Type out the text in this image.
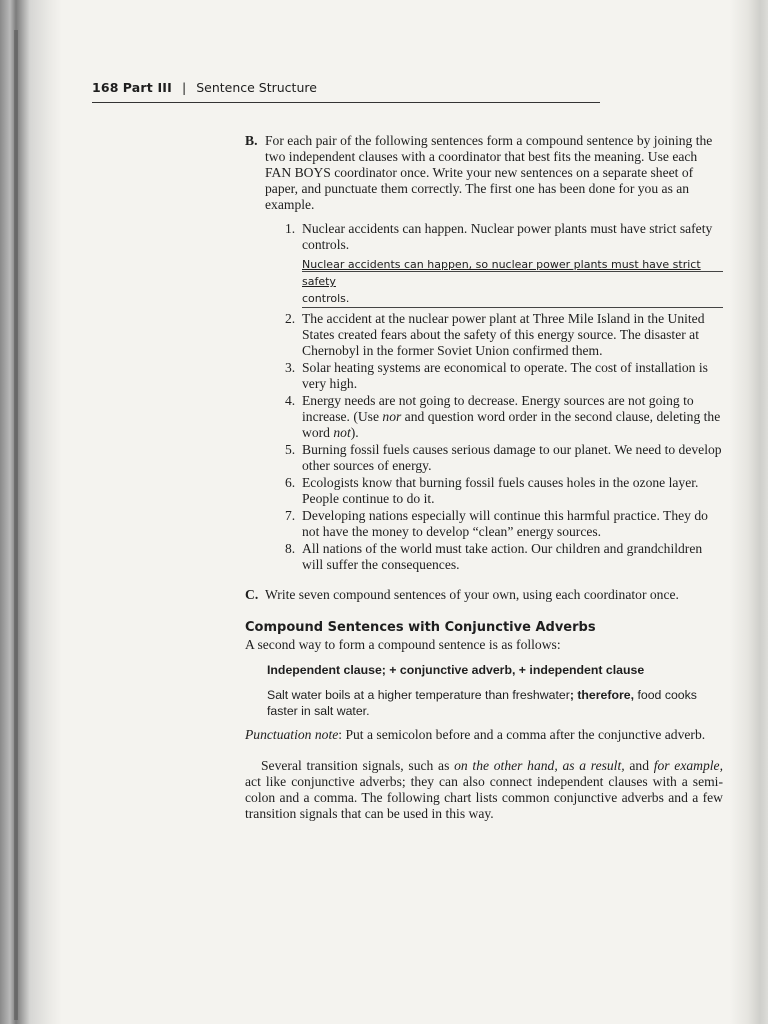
168 Part III | Sentence Structure
B. For each pair of the following sentences form a compound sentence by joining the two independent clauses with a coordinator that best fits the meaning. Use each FAN BOYS coordinator once. Write your new sentences on a separate sheet of paper, and punctuate them correctly. The first one has been done for you as an example.
1. Nuclear accidents can happen. Nuclear power plants must have strict safety controls.
Nuclear accidents can happen, so nuclear power plants must have strict safety
controls.
2. The accident at the nuclear power plant at Three Mile Island in the United States created fears about the safety of this energy source. The disaster at Chernobyl in the former Soviet Union confirmed them.
3. Solar heating systems are economical to operate. The cost of installation is very high.
4. Energy needs are not going to decrease. Energy sources are not going to increase. (Use nor and question word order in the second clause, deleting the word not).
5. Burning fossil fuels causes serious damage to our planet. We need to develop other sources of energy.
6. Ecologists know that burning fossil fuels causes holes in the ozone layer. People continue to do it.
7. Developing nations especially will continue this harmful practice. They do not have the money to develop “clean” energy sources.
8. All nations of the world must take action. Our children and grandchildren will suffer the consequences.
C. Write seven compound sentences of your own, using each coordinator once.
Compound Sentences with Conjunctive Adverbs
A second way to form a compound sentence is as follows:
Independent clause; + conjunctive adverb, + independent clause
Salt water boils at a higher temperature than freshwater; therefore, food cooks faster in salt water.
Punctuation note: Put a semicolon before and a comma after the conjunctive adverb.
Several transition signals, such as on the other hand, as a result, and for example, act like conjunctive adverbs; they can also connect independent clauses with a semi-colon and a comma. The following chart lists common conjunctive adverbs and a few transition signals that can be used in this way.
